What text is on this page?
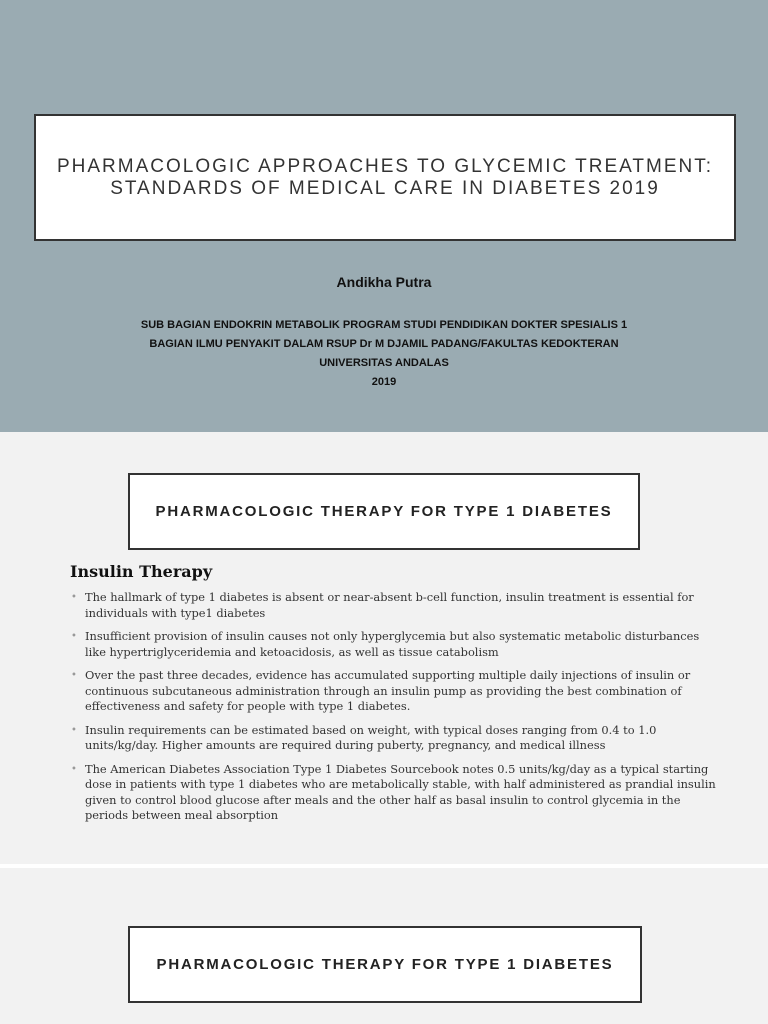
PHARMACOLOGIC APPROACHES TO GLYCEMIC TREATMENT:
STANDARDS OF MEDICAL CARE IN DIABETES 2019
Andikha Putra
SUB BAGIAN ENDOKRIN METABOLIK PROGRAM STUDI PENDIDIKAN DOKTER SPESIALIS 1
BAGIAN ILMU PENYAKIT DALAM RSUP Dr M DJAMIL PADANG/FAKULTAS KEDOKTERAN
UNIVERSITAS ANDALAS
2019
PHARMACOLOGIC THERAPY FOR TYPE 1 DIABETES
Insulin Therapy
• The hallmark of type 1 diabetes is absent or near-absent b-cell function, insulin treatment is essential for individuals with type1 diabetes
• Insufficient provision of insulin causes not only hyperglycemia but also systematic metabolic disturbances like hypertriglyceridemia and ketoacidosis, as well as tissue catabolism
• Over the past three decades, evidence has accumulated supporting multiple daily injections of insulin or continuous subcutaneous administration through an insulin pump as providing the best combination of effectiveness and safety for people with type 1 diabetes.
• Insulin requirements can be estimated based on weight, with typical doses ranging from 0.4 to 1.0 units/kg/day. Higher amounts are required during puberty, pregnancy, and medical illness
• The American Diabetes Association Type 1 Diabetes Sourcebook notes 0.5 units/kg/day as a typical starting dose in patients with type 1 diabetes who are metabolically stable, with half administered as prandial insulin given to control blood glucose after meals and the other half as basal insulin to control glycemia in the periods between meal absorption
PHARMACOLOGIC THERAPY FOR TYPE 1 DIABETES
